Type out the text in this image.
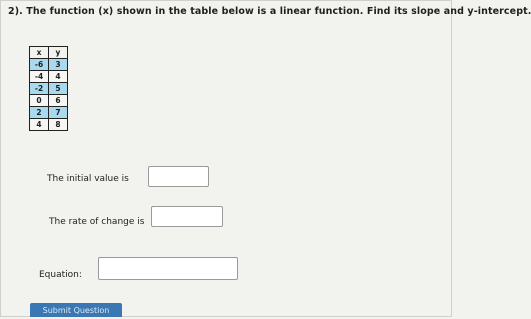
2). The function (x) shown in the table below is a linear function. Find its slope and y-intercept.
x	y
-6	3
-4	4
-2	5
0	6
2	7
4	8
The initial value is
The rate of change is
Equation:
Submit Question
